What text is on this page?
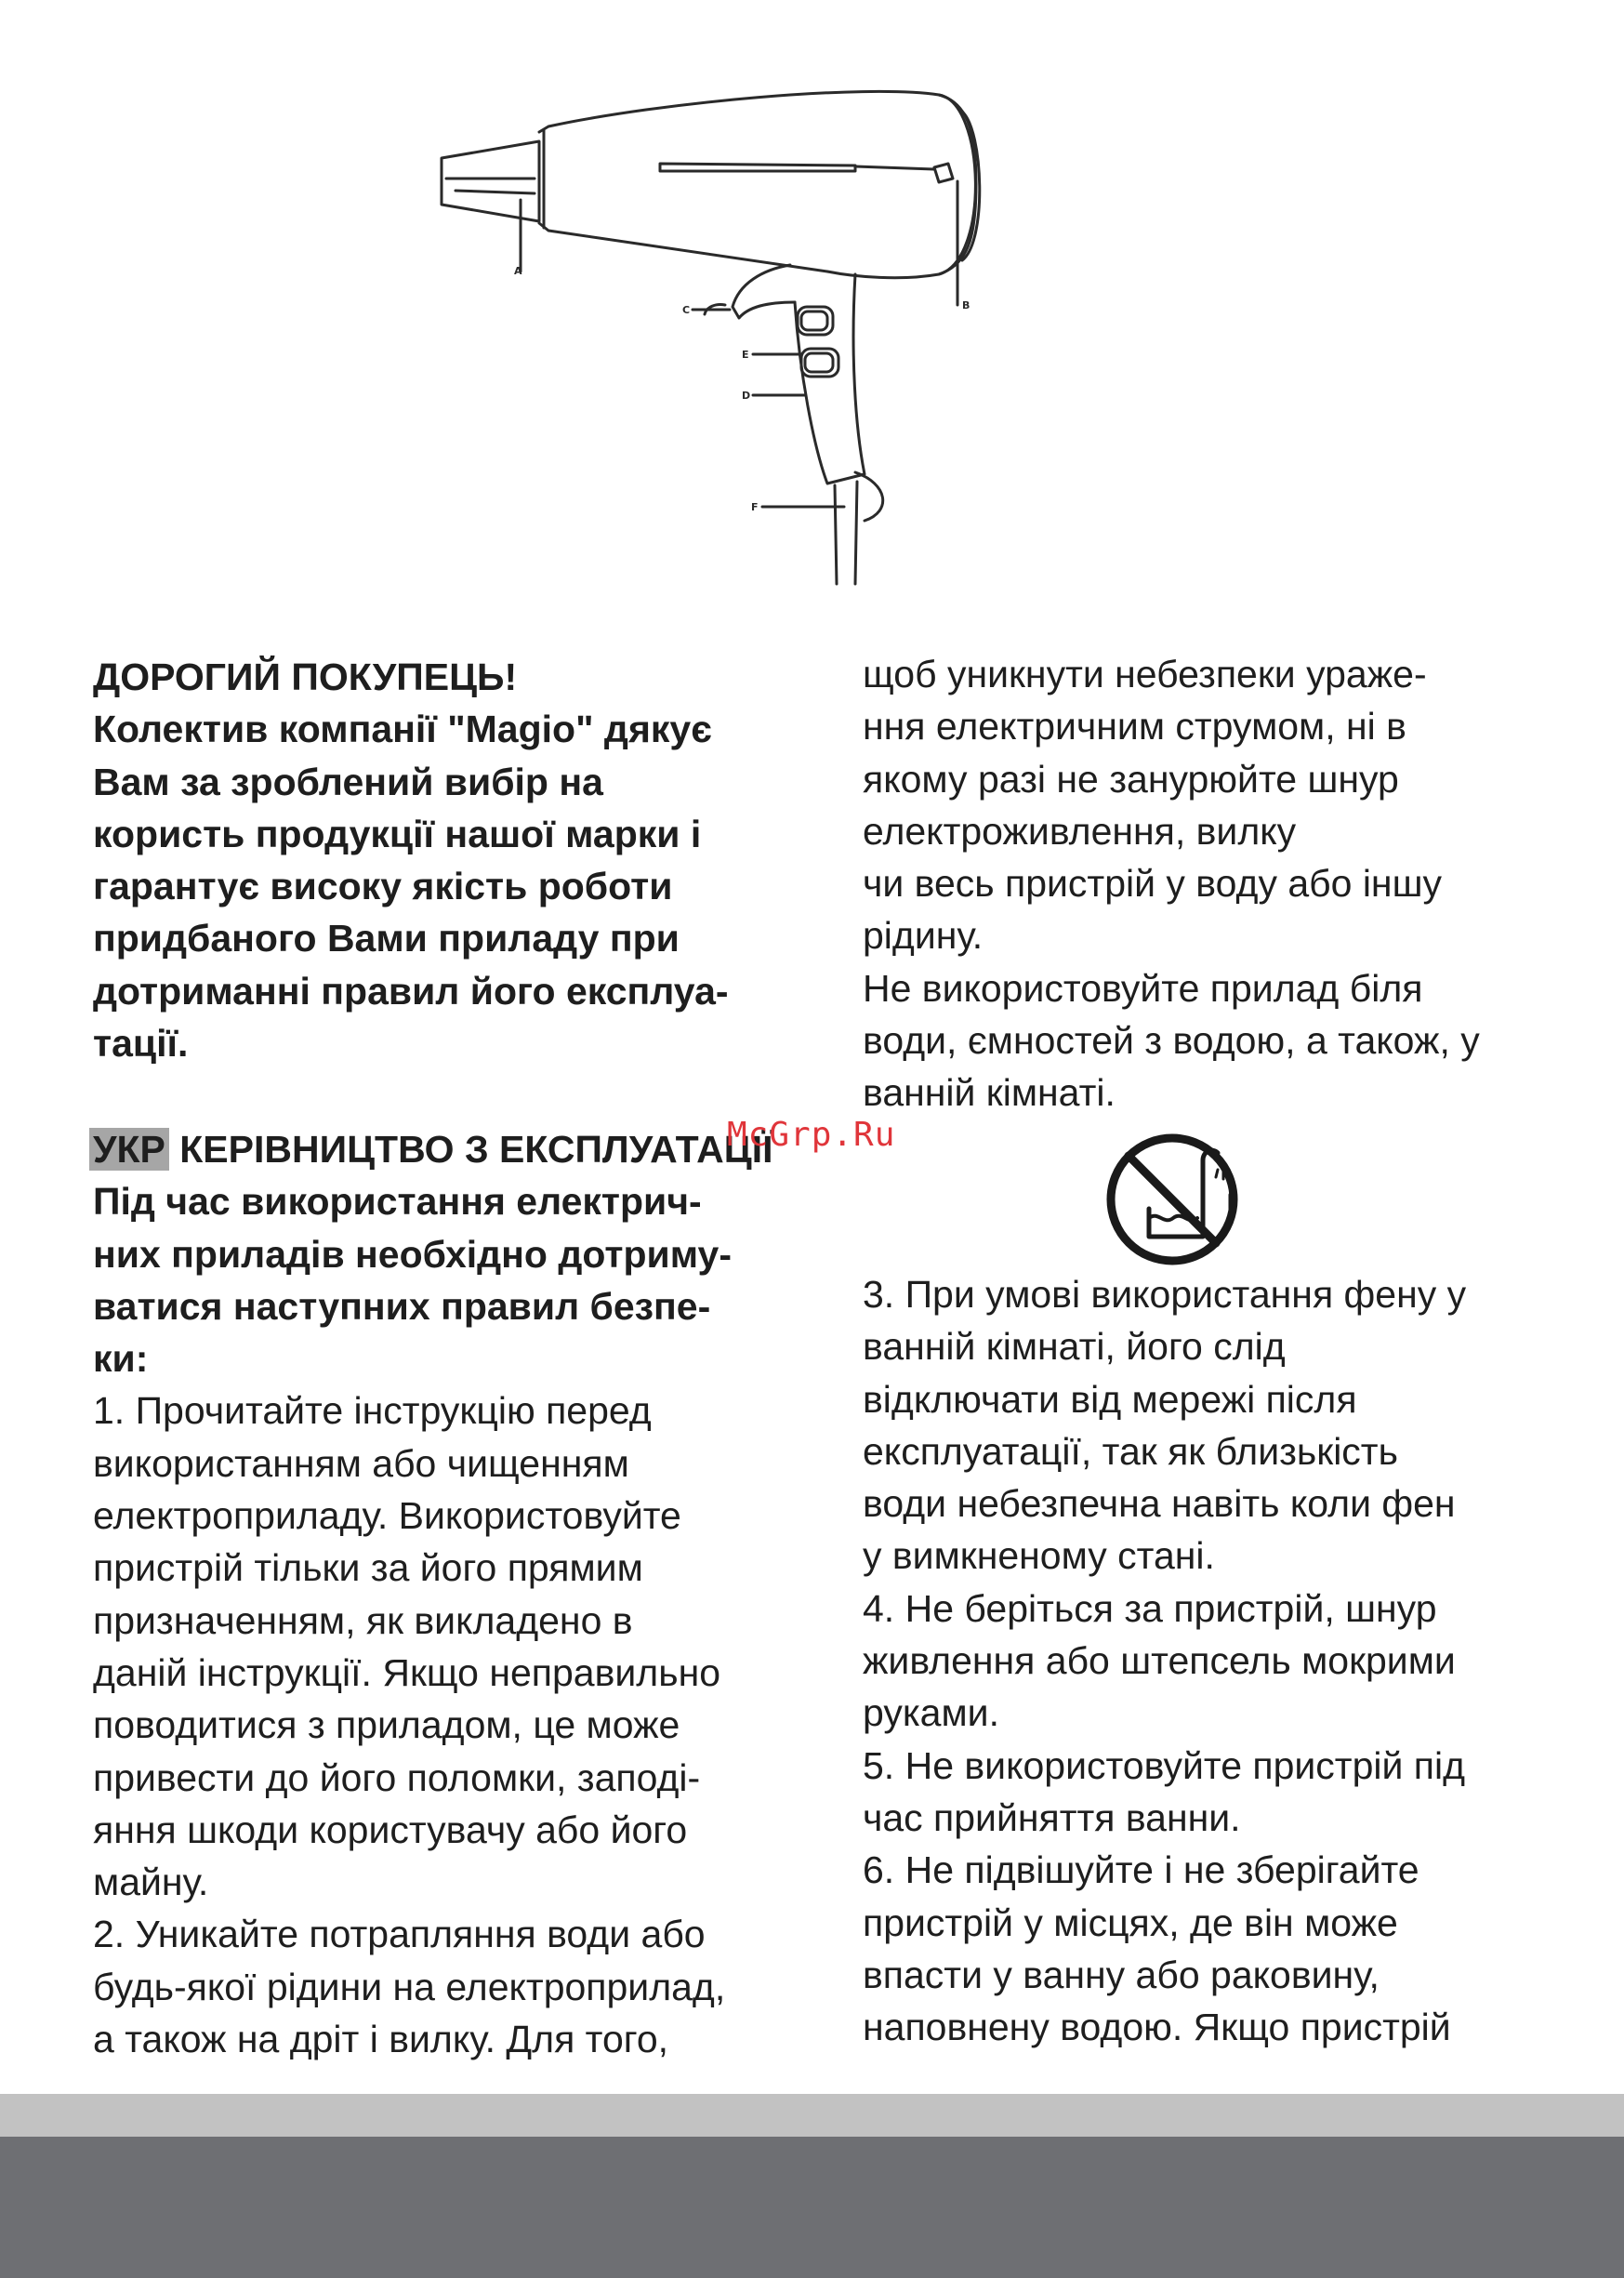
A
B
C
D
E
F

ДОРОГИЙ ПОКУПЕЦЬ!

Колектив компанії "Magio" дякує

Вам за зроблений вибір на

користь продукції нашої марки і

гарантує високу якість роботи

придбаного Вами приладу при

дотриманні правил його експлуа-

тації.

УКР КЕРІВНИЦТВО З ЕКСПЛУАТАЦІЇ

Під час використання електрич-

них приладів необхідно дотриму-

ватися наступних правил безпе-

ки:

1. Прочитайте інструкцію перед

використанням або чищенням

електроприладу. Використовуйте

пристрій тільки за його прямим

призначенням, як викладено в

даній інструкції. Якщо неправильно

поводитися з приладом, це може

привести до його поломки, заподі-

яння шкоди користувачу або його

майну.

2. Уникайте потрапляння води або

будь-якої рідини на електроприлад,

а також на дріт і вилку. Для того,

щоб уникнути небезпеки ураже-

ння електричним струмом, ні в

якому разі не занурюйте шнур

електроживлення, вилку

чи весь пристрій у воду або іншу

рідину.

Не використовуйте прилад біля

води, ємностей з водою, а також, у

ванній кімнаті.

McGrp.Ru

3. При умові використання фену у

ванній кімнаті, його слід

відключати від мережі після

експлуатації, так як близькість

води небезпечна навіть коли фен

у вимкненому стані.

4. Не беріться за пристрій, шнур

живлення або штепсель мокрими

руками.

5. Не використовуйте пристрій під

час прийняття ванни.

6. Не підвішуйте і не зберігайте

пристрій у місцях, де він може

впасти у ванну або раковину,

наповнену водою. Якщо пристрій
